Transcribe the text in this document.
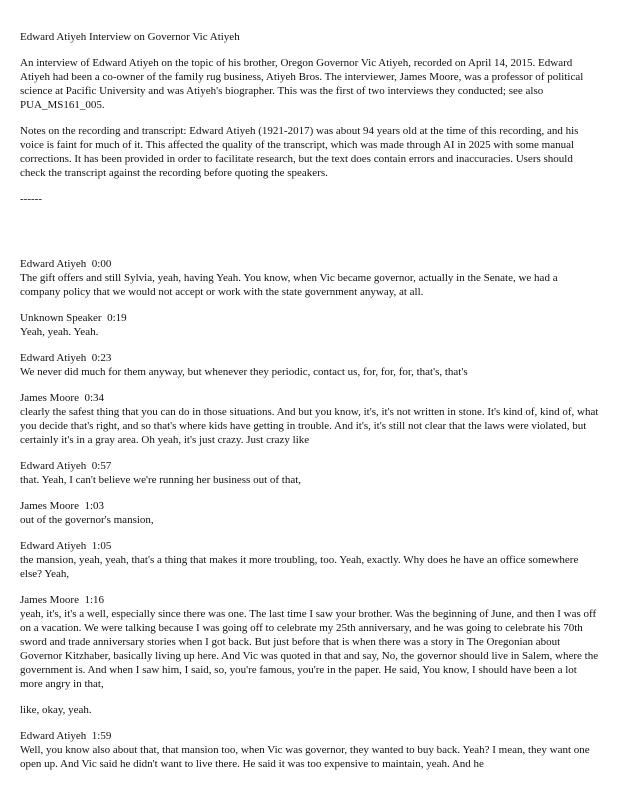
Edward Atiyeh Interview on Governor Vic Atiyeh

An interview of Edward Atiyeh on the topic of his brother, Oregon Governor Vic Atiyeh, recorded on April 14, 2015. Edward Atiyeh had been a co-owner of the family rug business, Atiyeh Bros. The interviewer, James Moore, was a professor of political science at Pacific University and was Atiyeh's biographer. This was the first of two interviews they conducted; see also PUA_MS161_005.

Notes on the recording and transcript: Edward Atiyeh (1921-2017) was about 94 years old at the time of this recording, and his voice is faint for much of it. This affected the quality of the transcript, which was made through AI in 2025 with some manual corrections. It has been provided in order to facilitate research, but the text does contain errors and inaccuracies. Users should check the transcript against the recording before quoting the speakers.

------

Edward Atiyeh  0:00
The gift offers and still Sylvia, yeah, having Yeah. You know, when Vic became governor, actually in the Senate, we had a company policy that we would not accept or work with the state government anyway, at all.
Unknown Speaker  0:19
Yeah, yeah. Yeah.
Edward Atiyeh  0:23
We never did much for them anyway, but whenever they periodic, contact us, for, for, for, that's, that's
James Moore  0:34
clearly the safest thing that you can do in those situations. And but you know, it's, it's not written in stone. It's kind of, kind of, what you decide that's right, and so that's where kids have getting in trouble. And it's, it's still not clear that the laws were violated, but certainly it's in a gray area. Oh yeah, it's just crazy. Just crazy like
Edward Atiyeh  0:57
that. Yeah, I can't believe we're running her business out of that,
James Moore  1:03
out of the governor's mansion,
Edward Atiyeh  1:05
the mansion, yeah, yeah, that's a thing that makes it more troubling, too. Yeah, exactly. Why does he have an office somewhere else? Yeah,
James Moore  1:16
yeah, it's, it's a well, especially since there was one. The last time I saw your brother. Was the beginning of June, and then I was off on a vacation. We were talking because I was going off to celebrate my 25th anniversary, and he was going to celebrate his 70th sword and trade anniversary stories when I got back. But just before that is when there was a story in The Oregonian about Governor Kitzhaber, basically living up here. And Vic was quoted in that and say, No, the governor should live in Salem, where the government is. And when I saw him, I said, so, you're famous, you're in the paper. He said, You know, I should have been a lot more angry in that,
like, okay, yeah.
Edward Atiyeh  1:59
Well, you know also about that, that mansion too, when Vic was governor, they wanted to buy back. Yeah? I mean, they want one open up. And Vic said he didn't want to live there. He said it was too expensive to maintain, yeah. And he
